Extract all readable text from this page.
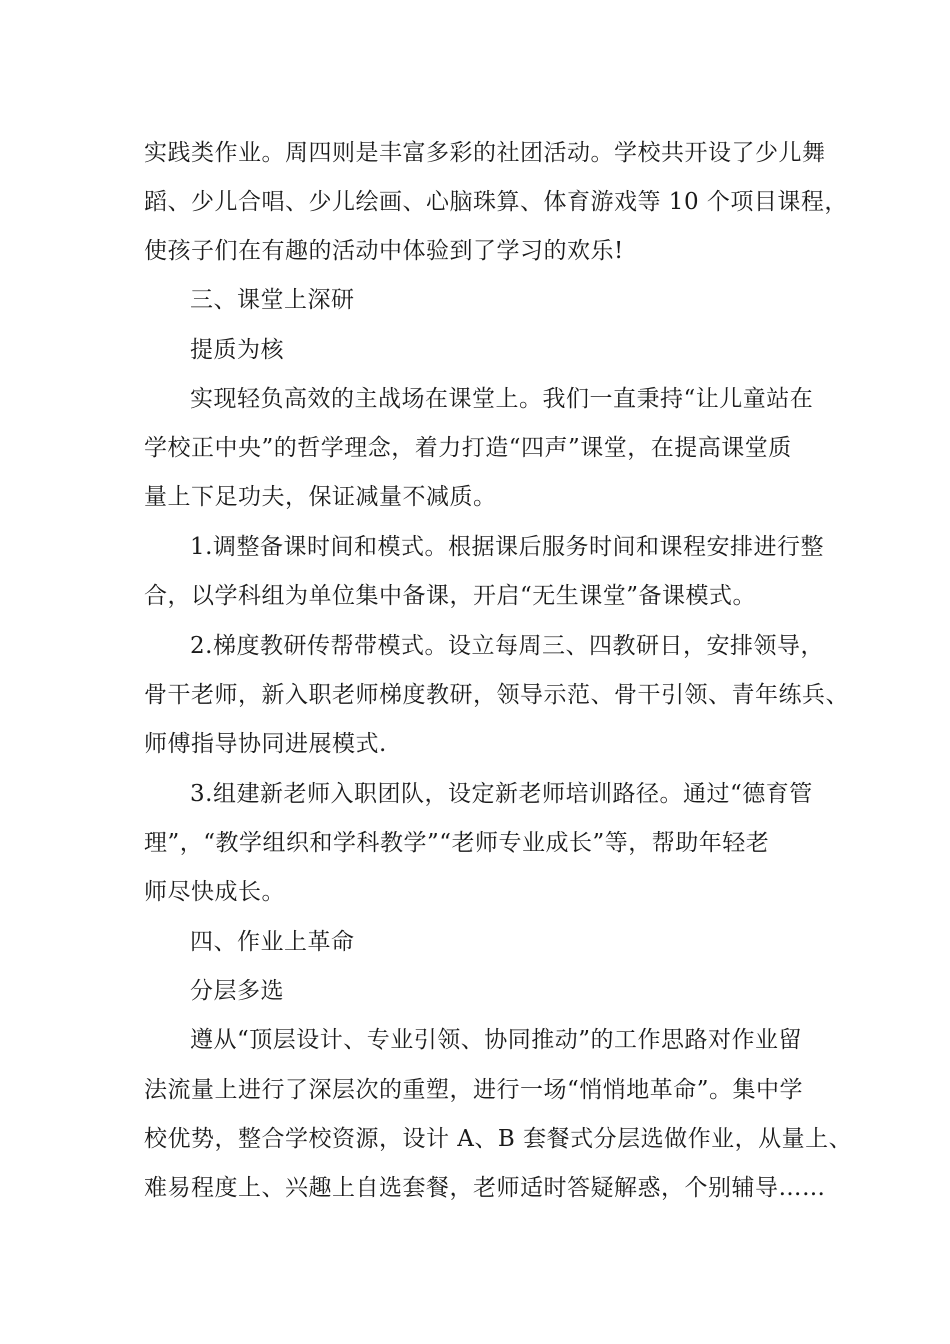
实践类作业。周四则是丰富多彩的社团活动。学校共开设了少儿舞
蹈、少儿合唱、少儿绘画、心脑珠算、体育游戏等 10 个项目课程，
使孩子们在有趣的活动中体验到了学习的欢乐!
三、课堂上深研
提质为核
实现轻负高效的主战场在课堂上。我们一直秉持“让儿童站在
学校正中央”的哲学理念，着力打造“四声”课堂，在提高课堂质
量上下足功夫，保证减量不减质。
1.调整备课时间和模式。根据课后服务时间和课程安排进行整
合，以学科组为单位集中备课，开启“无生课堂”备课模式。
2.梯度教研传帮带模式。设立每周三、四教研日，安排领导，
骨干老师，新入职老师梯度教研，领导示范、骨干引领、青年练兵、
师傅指导协同进展模式.
3.组建新老师入职团队，设定新老师培训路径。通过“德育管
理”，“教学组织和学科教学”“老师专业成长”等，帮助年轻老
师尽快成长。
四、作业上革命
分层多选
遵从“顶层设计、专业引领、协同推动”的工作思路对作业留
法流量上进行了深层次的重塑，进行一场“悄悄地革命”。集中学
校优势，整合学校资源，设计 A、B 套餐式分层选做作业，从量上、
难易程度上、兴趣上自选套餐，老师适时答疑解惑，个别辅导……
